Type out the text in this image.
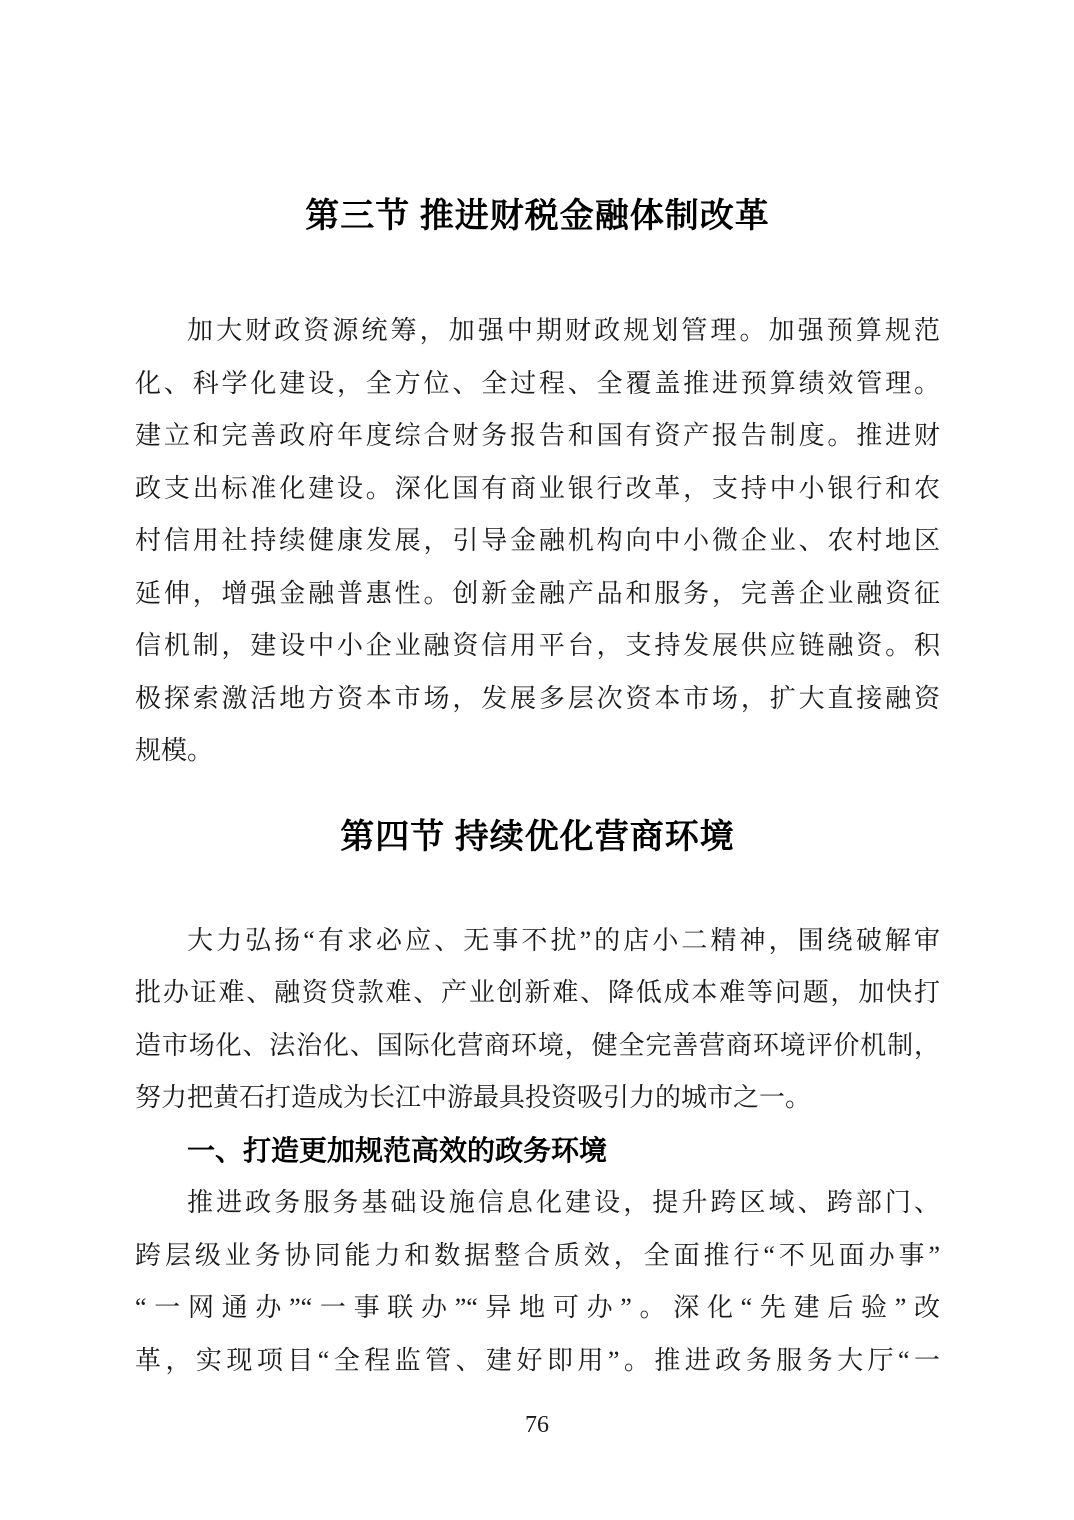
第三节 推进财税金融体制改革
加大财政资源统筹，加强中期财政规划管理。加强预算规范
化、科学化建设，全方位、全过程、全覆盖推进预算绩效管理。
建立和完善政府年度综合财务报告和国有资产报告制度。推进财
政支出标准化建设。深化国有商业银行改革，支持中小银行和农
村信用社持续健康发展，引导金融机构向中小微企业、农村地区
延伸，增强金融普惠性。创新金融产品和服务，完善企业融资征
信机制，建设中小企业融资信用平台，支持发展供应链融资。积
极探索激活地方资本市场，发展多层次资本市场，扩大直接融资
规模。
第四节 持续优化营商环境
大力弘扬“有求必应、无事不扰”的店小二精神，围绕破解审
批办证难、融资贷款难、产业创新难、降低成本难等问题，加快打
造市场化、法治化、国际化营商环境，健全完善营商环境评价机制，
努力把黄石打造成为长江中游最具投资吸引力的城市之一。
一、打造更加规范高效的政务环境
推进政务服务基础设施信息化建设，提升跨区域、跨部门、
跨层级业务协同能力和数据整合质效，全面推行“不见面办事”
“一网通办”“一事联办”“异地可办”。深化“先建后验”改
革，实现项目“全程监管、建好即用”。推进政务服务大厅“一
76
